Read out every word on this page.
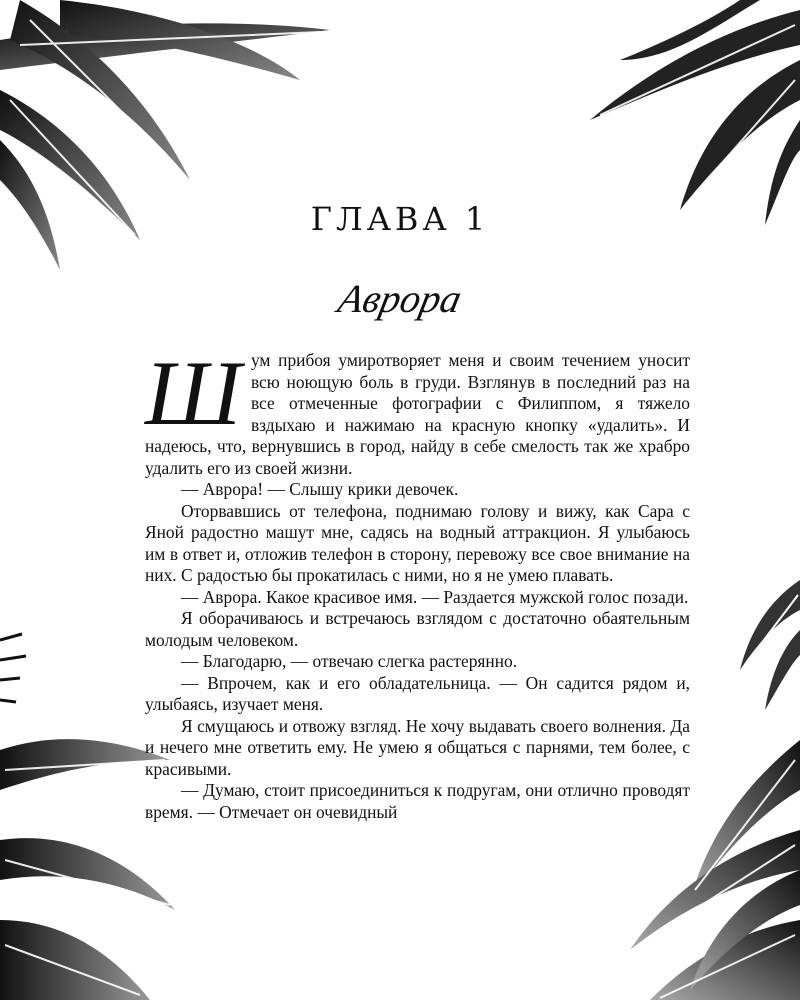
ГЛАВА 1
Аврора

Шум прибоя умиротворяет меня и своим течением уносит всю ноющую боль в груди. Взглянув в последний раз на все отмеченные фотографии с Филиппом, я тяжело вздыхаю и нажимаю на красную кнопку «удалить». И надеюсь, что, вернувшись в город, найду в себе смелость так же храбро удалить его из своей жизни.

— Аврора! — Слышу крики девочек.

Оторвавшись от телефона, поднимаю голову и вижу, как Сара с Яной радостно машут мне, садясь на водный аттракцион. Я улыбаюсь им в ответ и, отложив телефон в сторону, перевожу все свое внимание на них. С радостью бы прокатилась с ними, но я не умею плавать.

— Аврора. Какое красивое имя. — Раздается мужской голос позади.

Я оборачиваюсь и встречаюсь взглядом с достаточно обаятельным молодым человеком.

— Благодарю, — отвечаю слегка растерянно.

— Впрочем, как и его обладательница. — Он садится рядом и, улыбаясь, изучает меня.

Я смущаюсь и отвожу взгляд. Не хочу выдавать своего волнения. Да и нечего мне ответить ему. Не умею я общаться с парнями, тем более, с красивыми.

— Думаю, стоит присоединиться к подругам, они отлично проводят время. — Отмечает он очевидный
